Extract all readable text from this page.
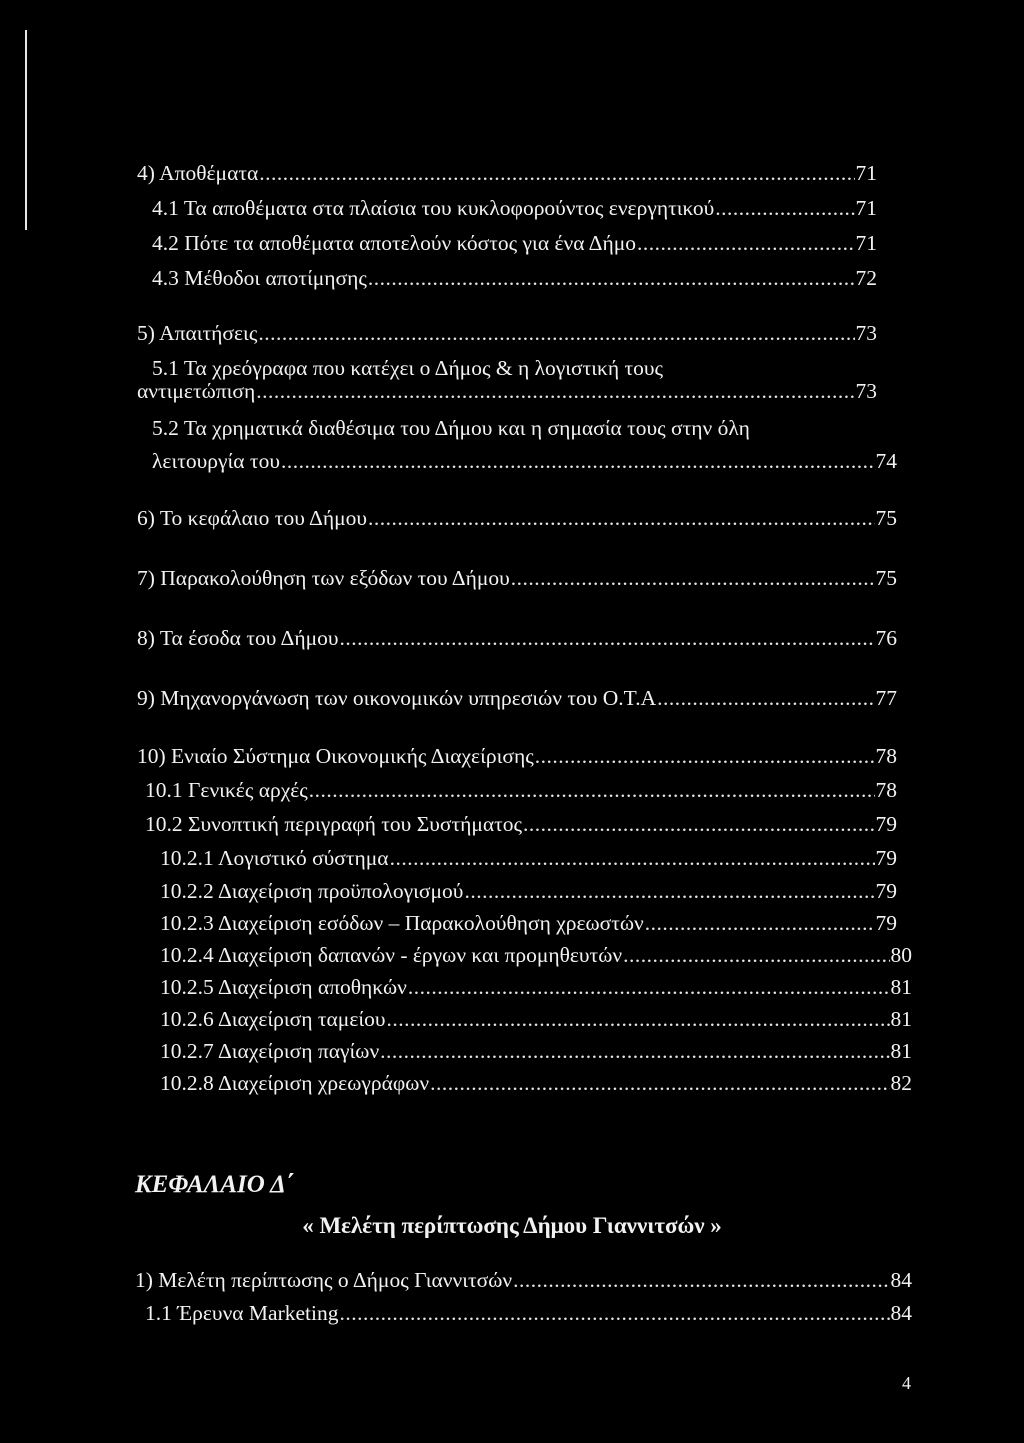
4) Αποθέματα .....	71
4.1 Τα αποθέματα στα πλαίσια του κυκλοφορούντος ενεργητικού .....	71
4.2 Πότε τα αποθέματα αποτελούν κόστος για ένα Δήμο .....	71
4.3 Μέθοδοι αποτίμησης .....	72
5) Απαιτήσεις .....	73
5.1 Τα χρεόγραφα που κατέχει ο Δήμος & η λογιστική τους
αντιμετώπιση .....	73
5.2 Τα χρηματικά διαθέσιμα του Δήμου και η σημασία τους στην όλη
λειτουργία του .....	74
6) Το κεφάλαιο του Δήμου .....	75
7) Παρακολούθηση των εξόδων του Δήμου .....	75
8) Τα έσοδα του Δήμου .....	76
9) Μηχανοργάνωση των οικονομικών υπηρεσιών του Ο.Τ.Α .....	77
10) Ενιαίο Σύστημα Οικονομικής Διαχείρισης .....	78
10.1 Γενικές αρχές .....	78
10.2 Συνοπτική περιγραφή του Συστήματος .....	79
10.2.1 Λογιστικό σύστημα .....	79
10.2.2 Διαχείριση προϋπολογισμού .....	79
10.2.3 Διαχείριση εσόδων – Παρακολούθηση χρεωστών .....	79
10.2.4 Διαχείριση δαπανών - έργων και προμηθευτών .....	80
10.2.5 Διαχείριση αποθηκών .....	81
10.2.6 Διαχείριση ταμείου .....	81
10.2.7 Διαχείριση παγίων .....	81
10.2.8 Διαχείριση χρεωγράφων .....	82
ΚΕΦΑΛΑΙΟ Δ΄
« Μελέτη περίπτωσης Δήμου Γιαννιτσών »
1) Μελέτη περίπτωσης ο Δήμος Γιαννιτσών .....	84
1.1 Έρευνα Marketing .....	84
4
